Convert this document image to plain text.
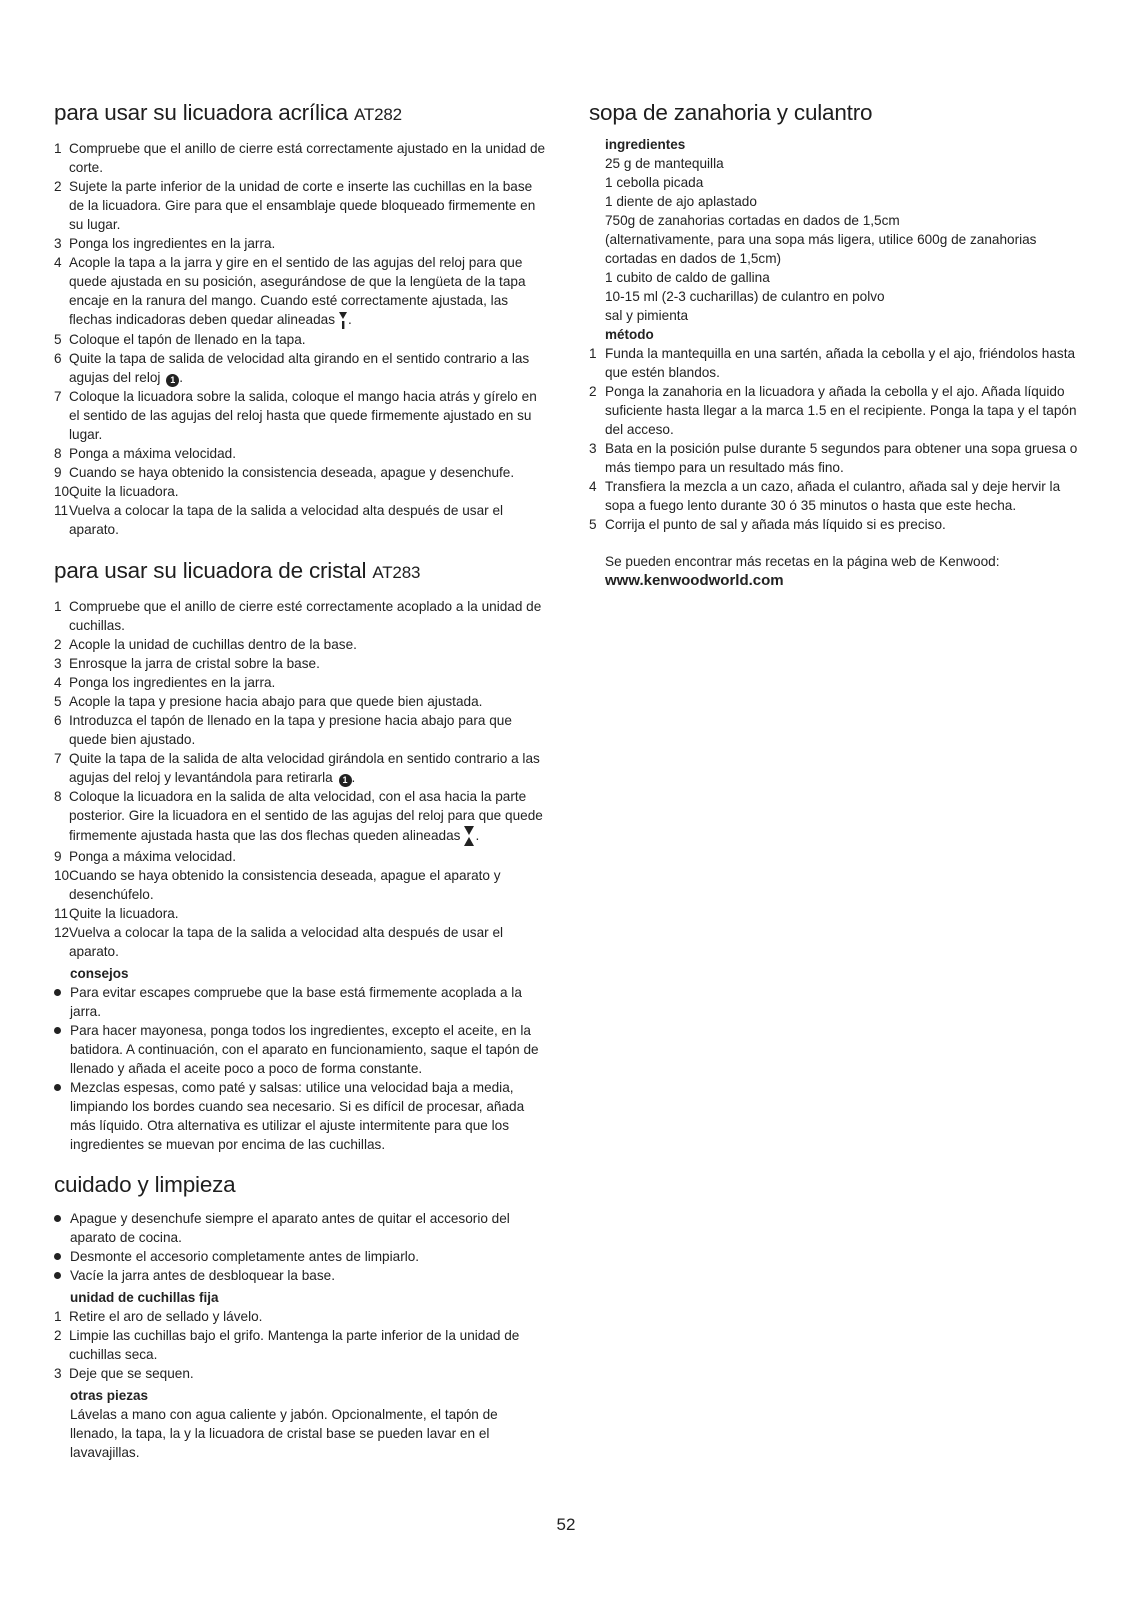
para usar su licuadora acrílica AT282
1 Compruebe que el anillo de cierre está correctamente ajustado en la unidad de corte.
2 Sujete la parte inferior de la unidad de corte e inserte las cuchillas en la base de la licuadora. Gire para que el ensamblaje quede bloqueado firmemente en su lugar.
3 Ponga los ingredientes en la jarra.
4 Acople la tapa a la jarra y gire en el sentido de las agujas del reloj para que quede ajustada en su posición, asegurándose de que la lengüeta de la tapa encaje en la ranura del mango. Cuando esté correctamente ajustada, las flechas indicadoras deben quedar alineadas .
5 Coloque el tapón de llenado en la tapa.
6 Quite la tapa de salida de velocidad alta girando en el sentido contrario a las agujas del reloj 1 .
7 Coloque la licuadora sobre la salida, coloque el mango hacia atrás y gírelo en el sentido de las agujas del reloj hasta que quede firmemente ajustado en su lugar.
8 Ponga a máxima velocidad.
9 Cuando se haya obtenido la consistencia deseada, apague y desenchufe.
10 Quite la licuadora.
11 Vuelva a colocar la tapa de la salida a velocidad alta después de usar el aparato.
para usar su licuadora de cristal AT283
1 Compruebe que el anillo de cierre esté correctamente acoplado a la unidad de cuchillas.
2 Acople la unidad de cuchillas dentro de la base.
3 Enrosque la jarra de cristal sobre la base.
4 Ponga los ingredientes en la jarra.
5 Acople la tapa y presione hacia abajo para que quede bien ajustada.
6 Introduzca el tapón de llenado en la tapa y presione hacia abajo para que quede bien ajustado.
7 Quite la tapa de la salida de alta velocidad girándola en sentido contrario a las agujas del reloj y levantándola para retirarla 1 .
8 Coloque la licuadora en la salida de alta velocidad, con el asa hacia la parte posterior. Gire la licuadora en el sentido de las agujas del reloj para que quede firmemente ajustada hasta que las dos flechas queden alineadas .
9 Ponga a máxima velocidad.
10 Cuando se haya obtenido la consistencia deseada, apague el aparato y desenchúfelo.
11 Quite la licuadora.
12 Vuelva a colocar la tapa de la salida a velocidad alta después de usar el aparato.
consejos
Para evitar escapes compruebe que la base está firmemente acoplada a la jarra.
Para hacer mayonesa, ponga todos los ingredientes, excepto el aceite, en la batidora. A continuación, con el aparato en funcionamiento, saque el tapón de llenado y añada el aceite poco a poco de forma constante.
Mezclas espesas, como paté y salsas: utilice una velocidad baja a media, limpiando los bordes cuando sea necesario. Si es difícil de procesar, añada más líquido. Otra alternativa es utilizar el ajuste intermitente para que los ingredientes se muevan por encima de las cuchillas.
cuidado y limpieza
Apague y desenchufe siempre el aparato antes de quitar el accesorio del aparato de cocina.
Desmonte el accesorio completamente antes de limpiarlo.
Vacíe la jarra antes de desbloquear la base.
unidad de cuchillas fija
1 Retire el aro de sellado y lávelo.
2 Limpie las cuchillas bajo el grifo. Mantenga la parte inferior de la unidad de cuchillas seca.
3 Deje que se sequen.
otras piezas
Lávelas a mano con agua caliente y jabón. Opcionalmente, el tapón de llenado, la tapa, la y la licuadora de cristal base se pueden lavar en el lavavajillas.
sopa de zanahoria y culantro
ingredientes
25 g de mantequilla
1 cebolla picada
1 diente de ajo aplastado
750g de zanahorias cortadas en dados de 1,5cm
(alternativamente, para una sopa más ligera, utilice 600g de zanahorias cortadas en dados de 1,5cm)
1 cubito de caldo de gallina
10-15 ml (2-3 cucharillas) de culantro en polvo
sal y pimienta
método
1 Funda la mantequilla en una sartén, añada la cebolla y el ajo, friéndolos hasta que estén blandos.
2 Ponga la zanahoria en la licuadora y añada la cebolla y el ajo. Añada líquido suficiente hasta llegar a la marca 1.5 en el recipiente. Ponga la tapa y el tapón del acceso.
3 Bata en la posición pulse durante 5 segundos para obtener una sopa gruesa o más tiempo para un resultado más fino.
4 Transfiera la mezcla a un cazo, añada el culantro, añada sal y deje hervir la sopa a fuego lento durante 30 ó 35 minutos o hasta que este hecha.
5 Corrija el punto de sal y añada más líquido si es preciso.
Se pueden encontrar más recetas en la página web de Kenwood:
www.kenwoodworld.com
52
